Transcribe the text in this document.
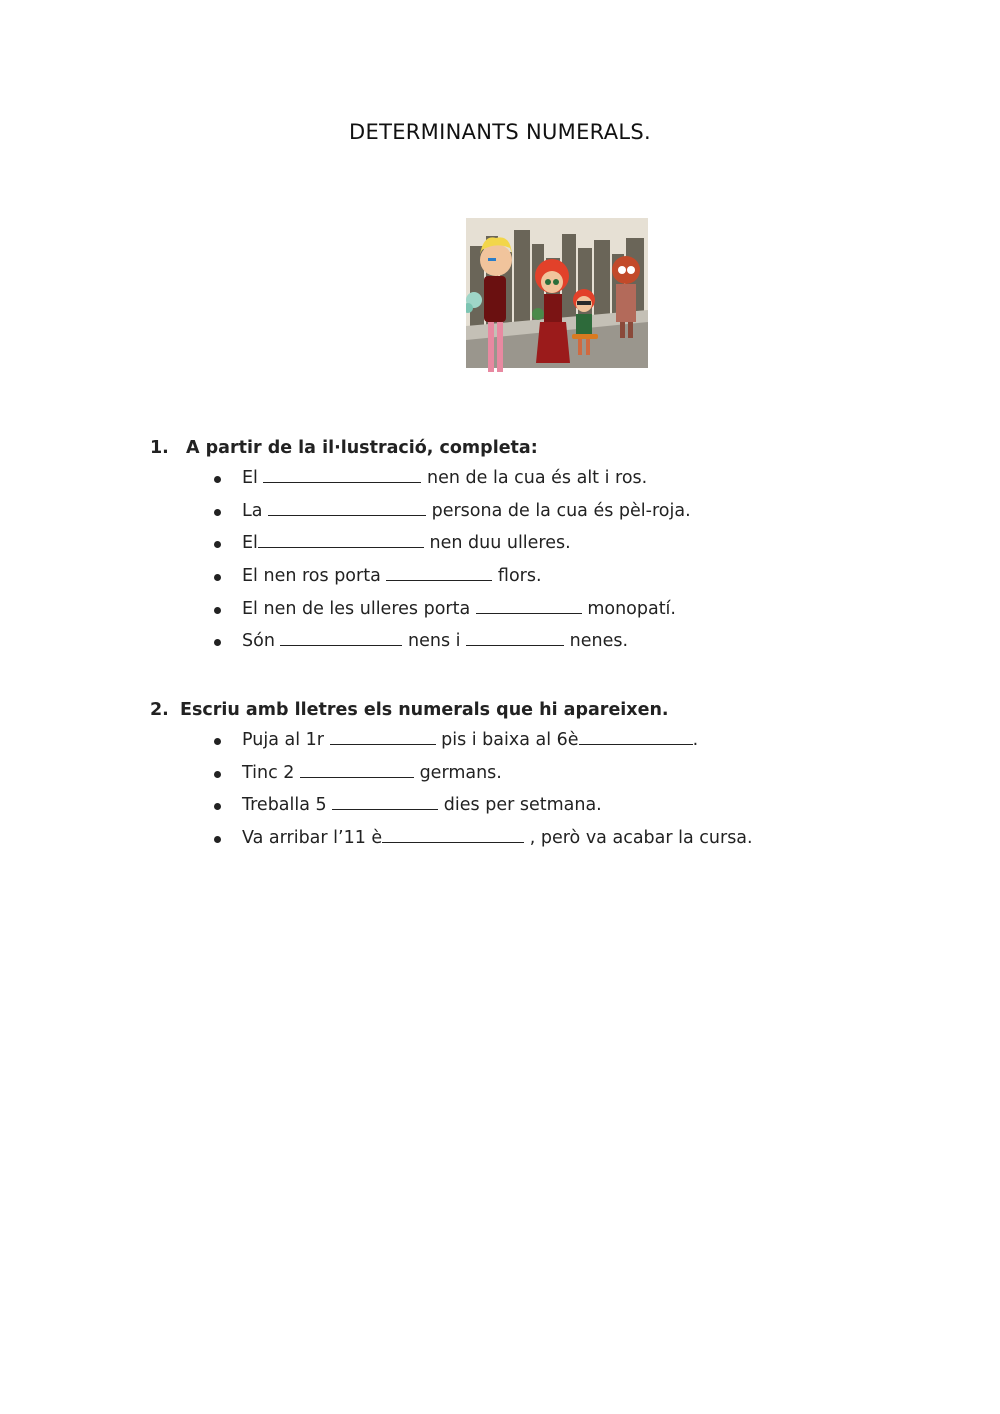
DETERMINANTS NUMERALS.
1. A partir de la il·lustració, completa:
El	nen de la cua és alt i ros.
La	persona de la cua és pèl-roja.
El	nen duu ulleres.
El nen ros porta	flors.
El nen de les ulleres porta	monopatí.
Són	nens i	nenes.
2. Escriu amb lletres els numerals que hi apareixen.
Puja al 1r	pis i baixa al 6è	.
Tinc 2	germans.
Treballa 5	dies per setmana.
Va arribar l’11 è	, però va acabar la cursa.
